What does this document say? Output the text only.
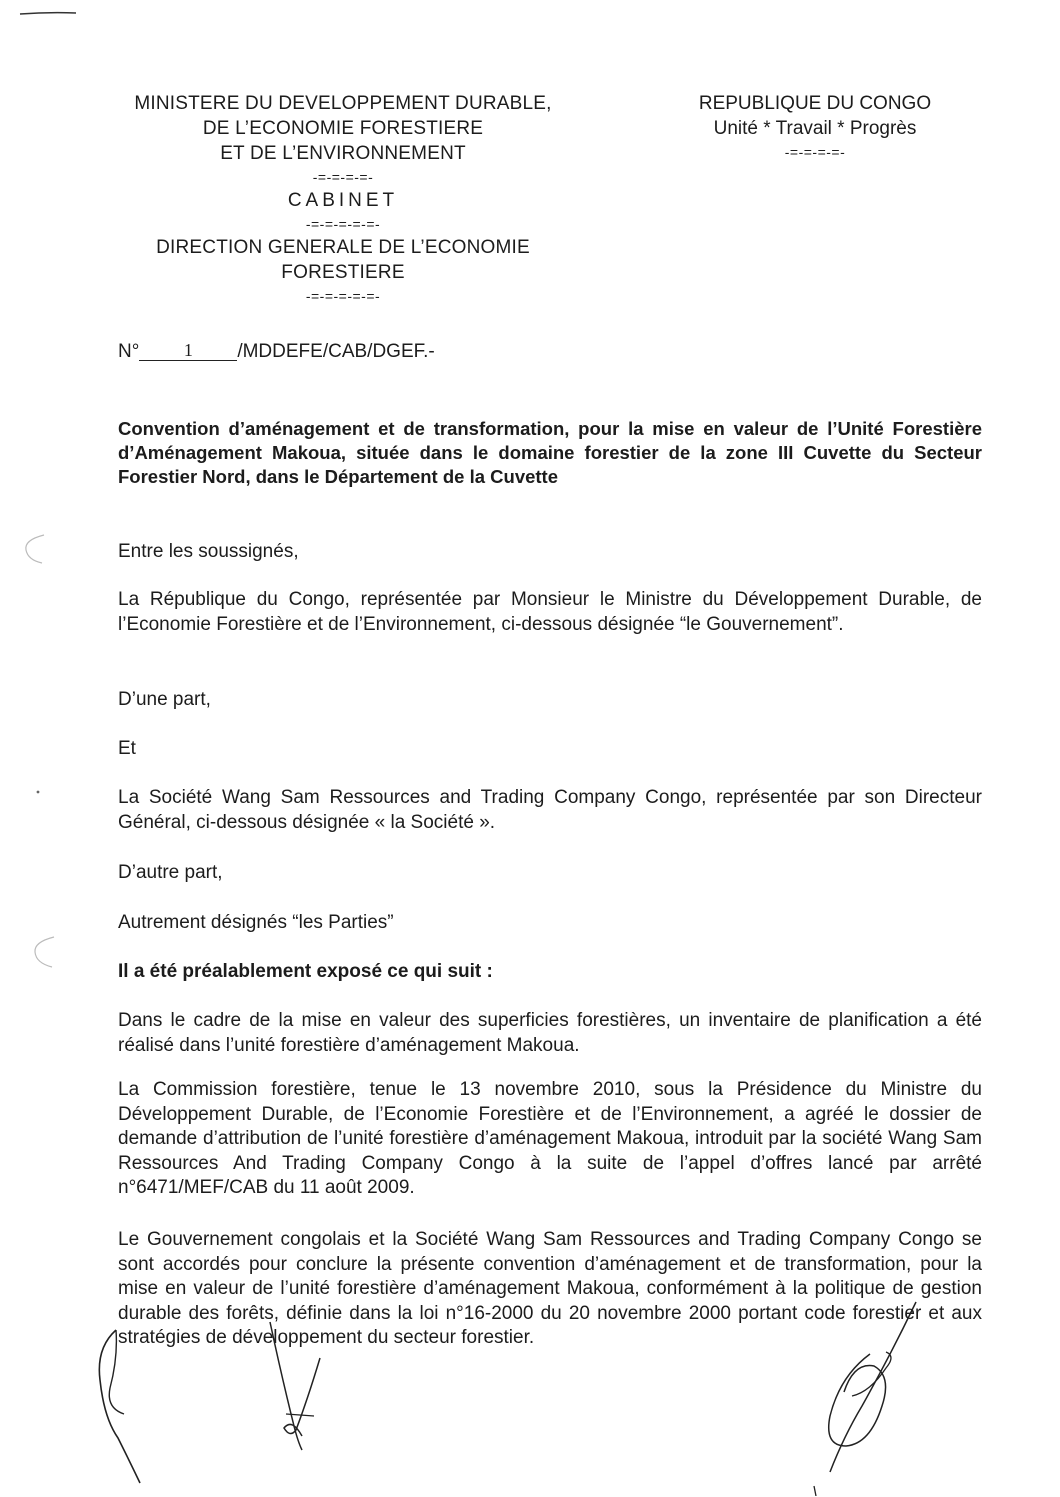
MINISTERE DU DEVELOPPEMENT DURABLE,
DE L’ECONOMIE FORESTIERE
ET DE L’ENVIRONNEMENT
-=-=-=-=-
CABINET
-=-=-=-=-=-
DIRECTION GENERALE DE L’ECONOMIE
FORESTIERE
-=-=-=-=-=-
REPUBLIQUE DU CONGO
Unité * Travail * Progrès
-=-=-=-=-
N°	1	/MDDEFE/CAB/DGEF.-
Convention d’aménagement et de transformation, pour la mise en valeur de l’Unité Forestière d’Aménagement Makoua, située dans le domaine forestier de la zone III Cuvette du Secteur Forestier Nord, dans le Département de la Cuvette
Entre les soussignés,
La République du Congo, représentée par Monsieur le Ministre du Développement Durable, de l’Economie Forestière et de l’Environnement, ci-dessous désignée “le Gouvernement”.
D’une part,
Et
La Société Wang Sam Ressources and Trading Company Congo, représentée par son Directeur Général, ci-dessous désignée « la Société ».
D’autre part,
Autrement désignés “les Parties”
Il a été préalablement exposé ce qui suit :
Dans le cadre de la mise en valeur des superficies forestières, un inventaire de planification a été réalisé dans l’unité forestière d’aménagement Makoua.
La Commission forestière, tenue le 13 novembre 2010, sous la Présidence du Ministre du Développement Durable, de l’Economie Forestière et de l’Environnement, a agréé le dossier de demande d’attribution de l’unité forestière d’aménagement Makoua, introduit par la société Wang Sam Ressources And Trading Company Congo à la suite de l’appel d’offres lancé par arrêté n°6471/MEF/CAB du 11 août 2009.
Le Gouvernement congolais et la Société Wang Sam Ressources and Trading Company Congo se sont accordés pour conclure la présente convention d’aménagement et de transformation, pour la mise en valeur de l’unité forestière d’aménagement Makoua, conformément à la politique de gestion durable des forêts, définie dans la loi n°16-2000 du 20 novembre 2000 portant code forestier et aux stratégies de développement du secteur forestier.
